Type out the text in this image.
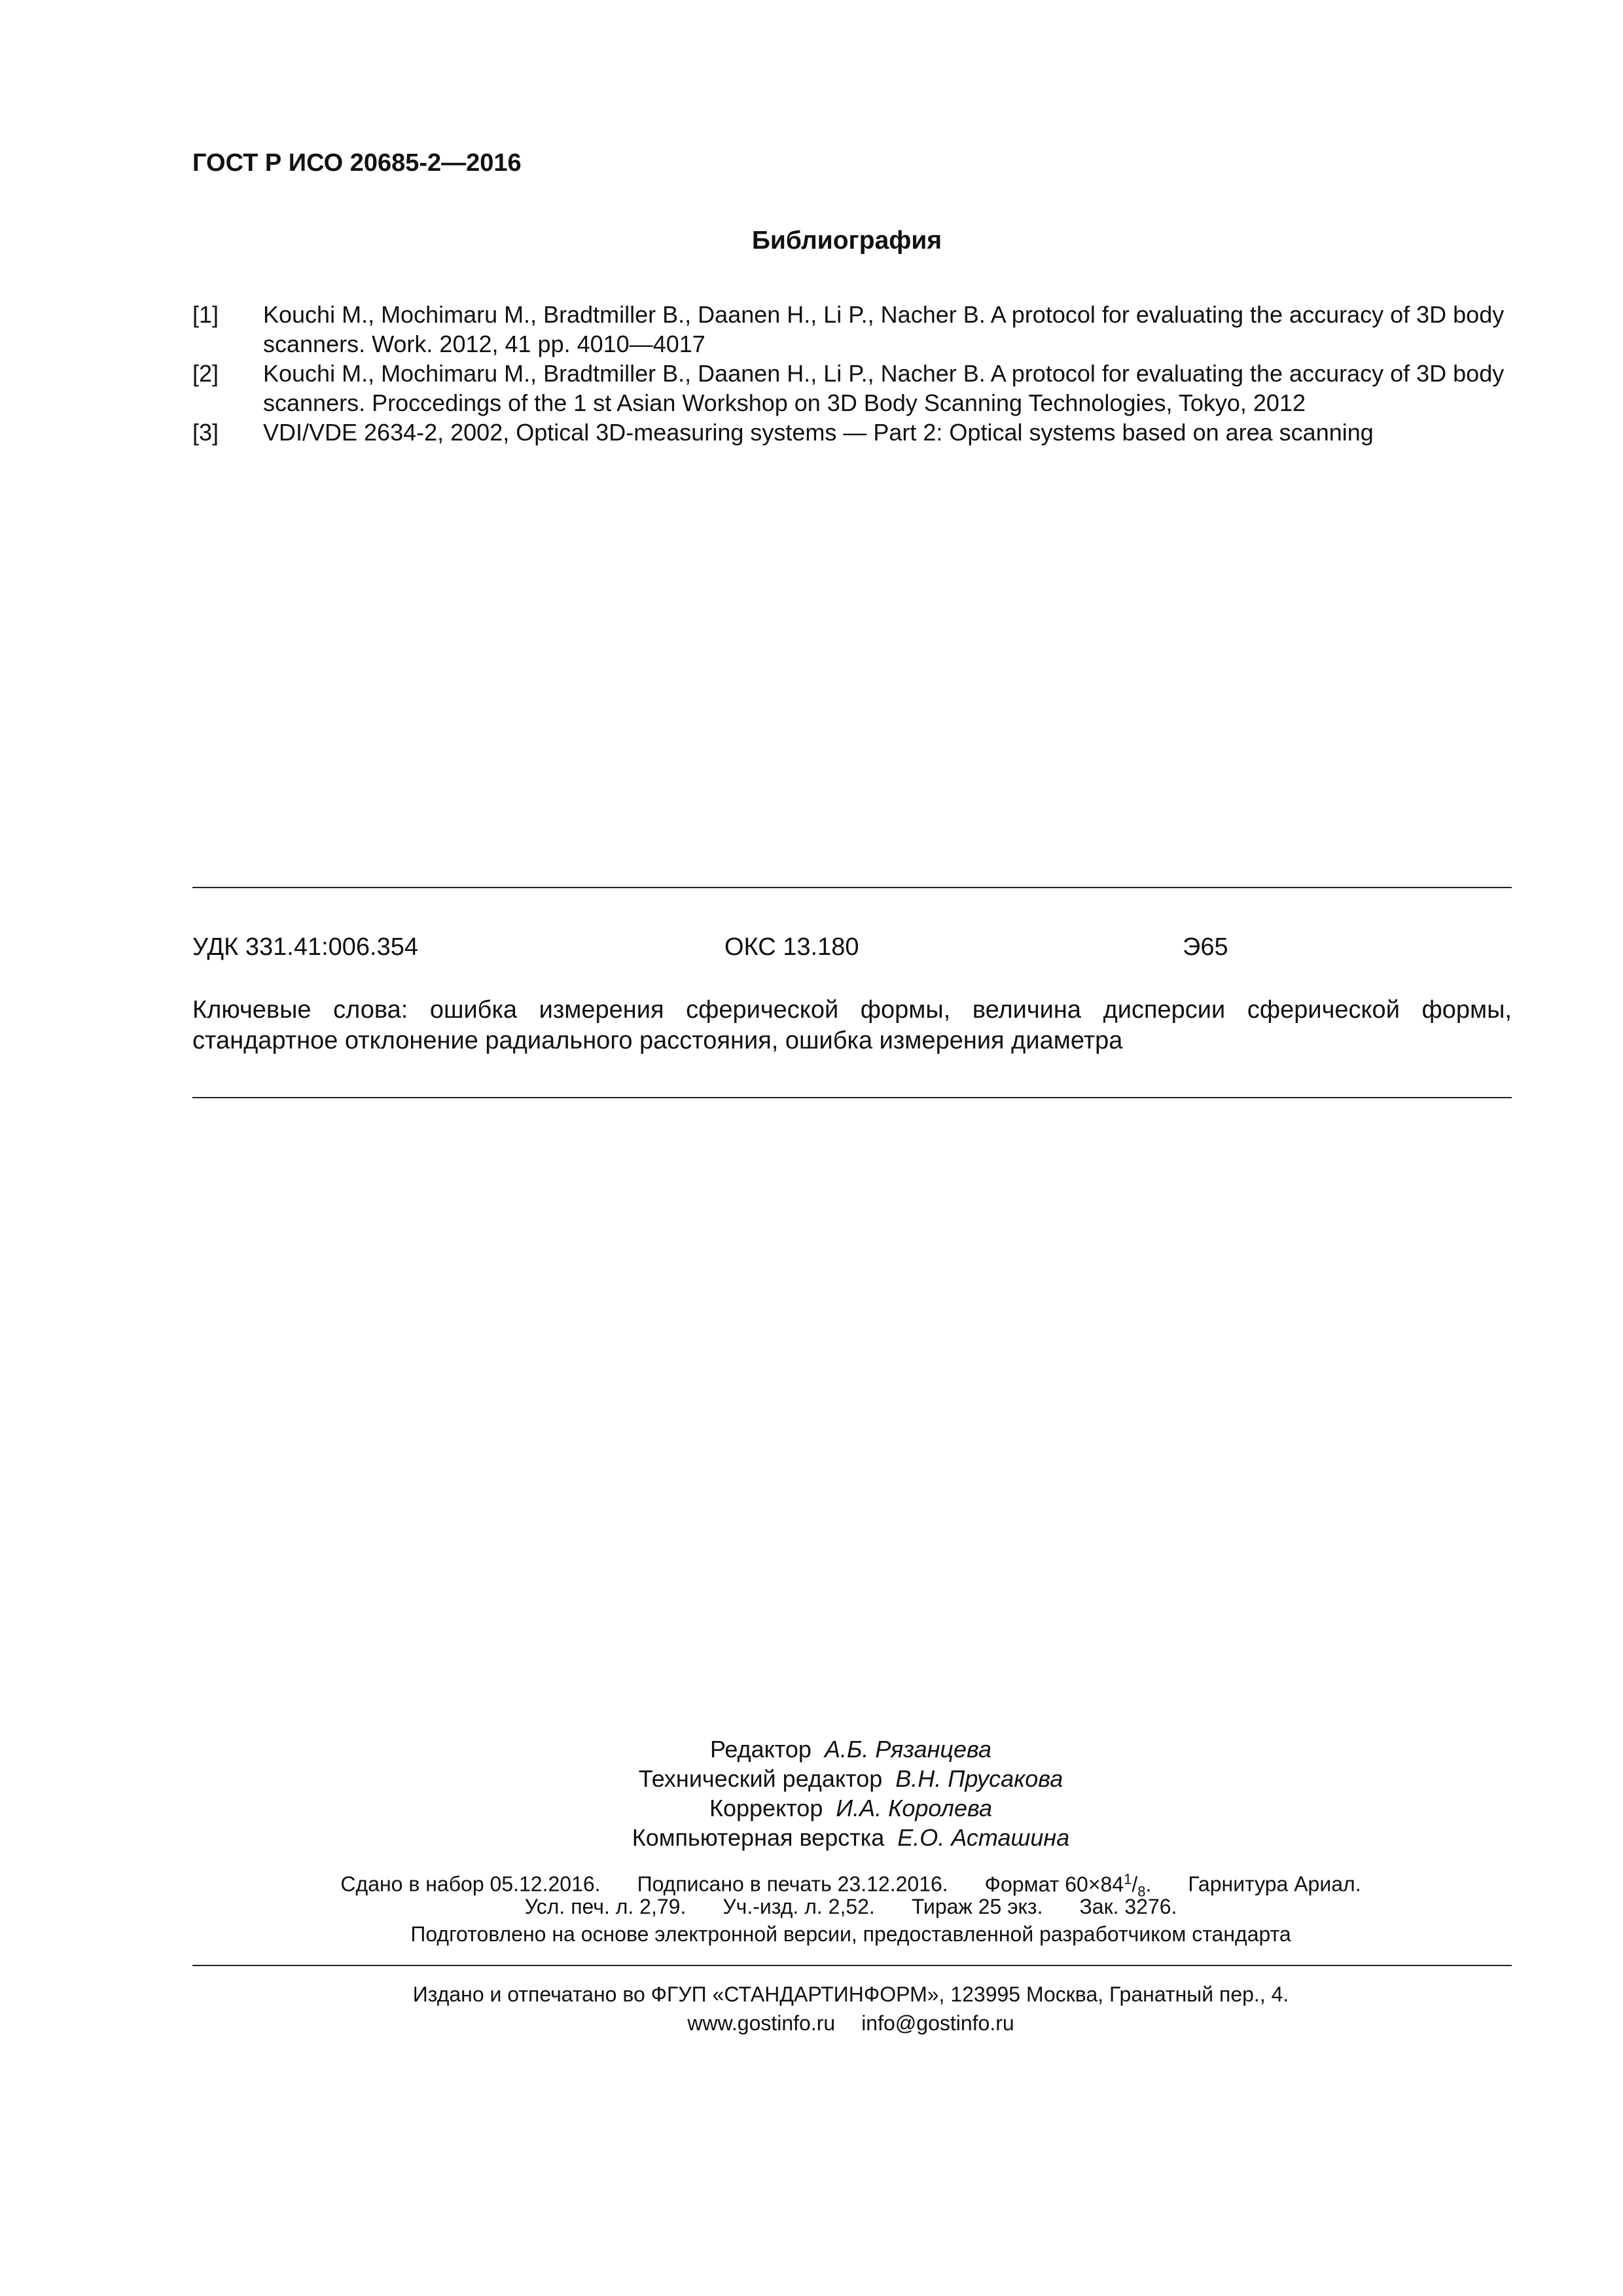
ГОСТ Р ИСО 20685-2—2016
Библиография
[1] Kouchi M., Mochimaru M., Bradtmiller B., Daanen H., Li P., Nacher B. A protocol for evaluating the accuracy of 3D body scanners. Work. 2012, 41 pp. 4010—4017
[2] Kouchi M., Mochimaru M., Bradtmiller B., Daanen H., Li P., Nacher B. A protocol for evaluating the accuracy of 3D body scanners. Proccedings of the 1 st Asian Workshop on 3D Body Scanning Technologies, Tokyo, 2012
[3] VDI/VDE 2634-2, 2002, Optical 3D-measuring systems — Part 2: Optical systems based on area scanning
УДК 331.41:006.354	ОКС 13.180	Э65
Ключевые слова: ошибка измерения сферической формы, величина дисперсии сферической формы, стандартное отклонение радиального расстояния, ошибка измерения диаметра
Редактор А.Б. Рязанцева
Технический редактор В.Н. Прусакова
Корректор И.А. Королева
Компьютерная верстка Е.О. Асташина
Сдано в набор 05.12.2016. Подписано в печать 23.12.2016. Формат $60\times 84^1/_8$. Гарнитура Ариал.
Усл. печ. л. 2,79. Уч.-изд. л. 2,52. Тираж 25 экз. Зак. 3276.
Подготовлено на основе электронной версии, предоставленной разработчиком стандарта
Издано и отпечатано во ФГУП «СТАНДАРТИНФОРМ», 123995 Москва, Гранатный пер., 4.
www.gostinfo.ru info@gostinfo.ru
